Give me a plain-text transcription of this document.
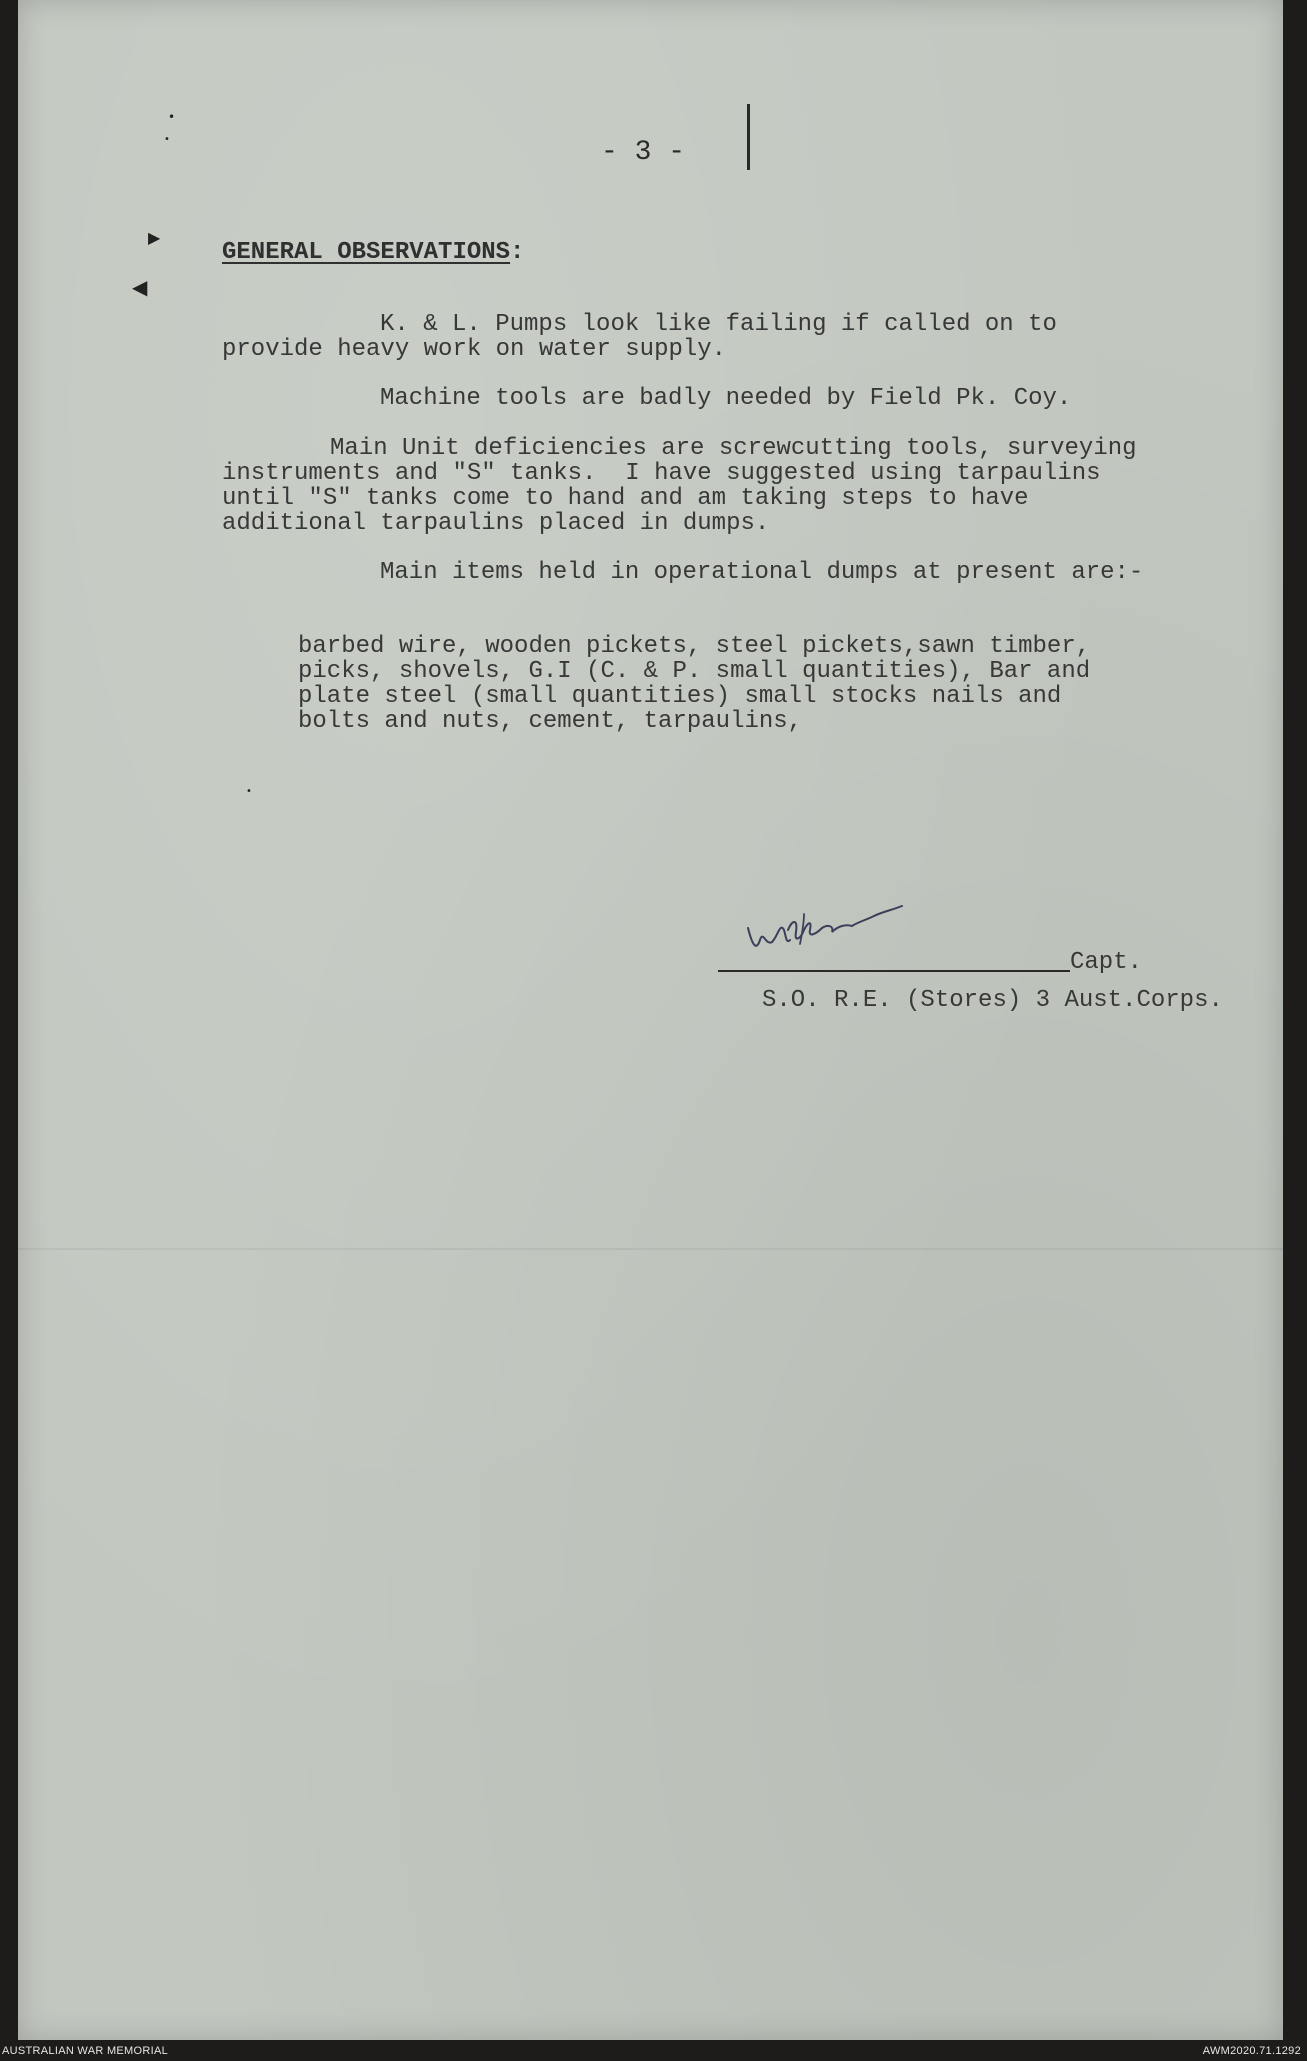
•
•
▶
◀
•
- 3 -
GENERAL OBSERVATIONS:
K. & L. Pumps look like failing if called on to
provide heavy work on water supply.
Machine tools are badly needed by Field Pk. Coy.
Main Unit deficiencies are screwcutting tools, surveying
instruments and "S" tanks.  I have suggested using tarpaulins
until "S" tanks come to hand and am taking steps to have
additional tarpaulins placed in dumps.
Main items held in operational dumps at present are:-
barbed wire, wooden pickets, steel pickets,sawn timber,
picks, shovels, G.I (C. & P. small quantities), Bar and
plate steel (small quantities) small stocks nails and
bolts and nuts, cement, tarpaulins,
Capt.
S.O. R.E. (Stores) 3 Aust.Corps.
AUSTRALIAN WAR MEMORIAL	AWM2020.71.1292
